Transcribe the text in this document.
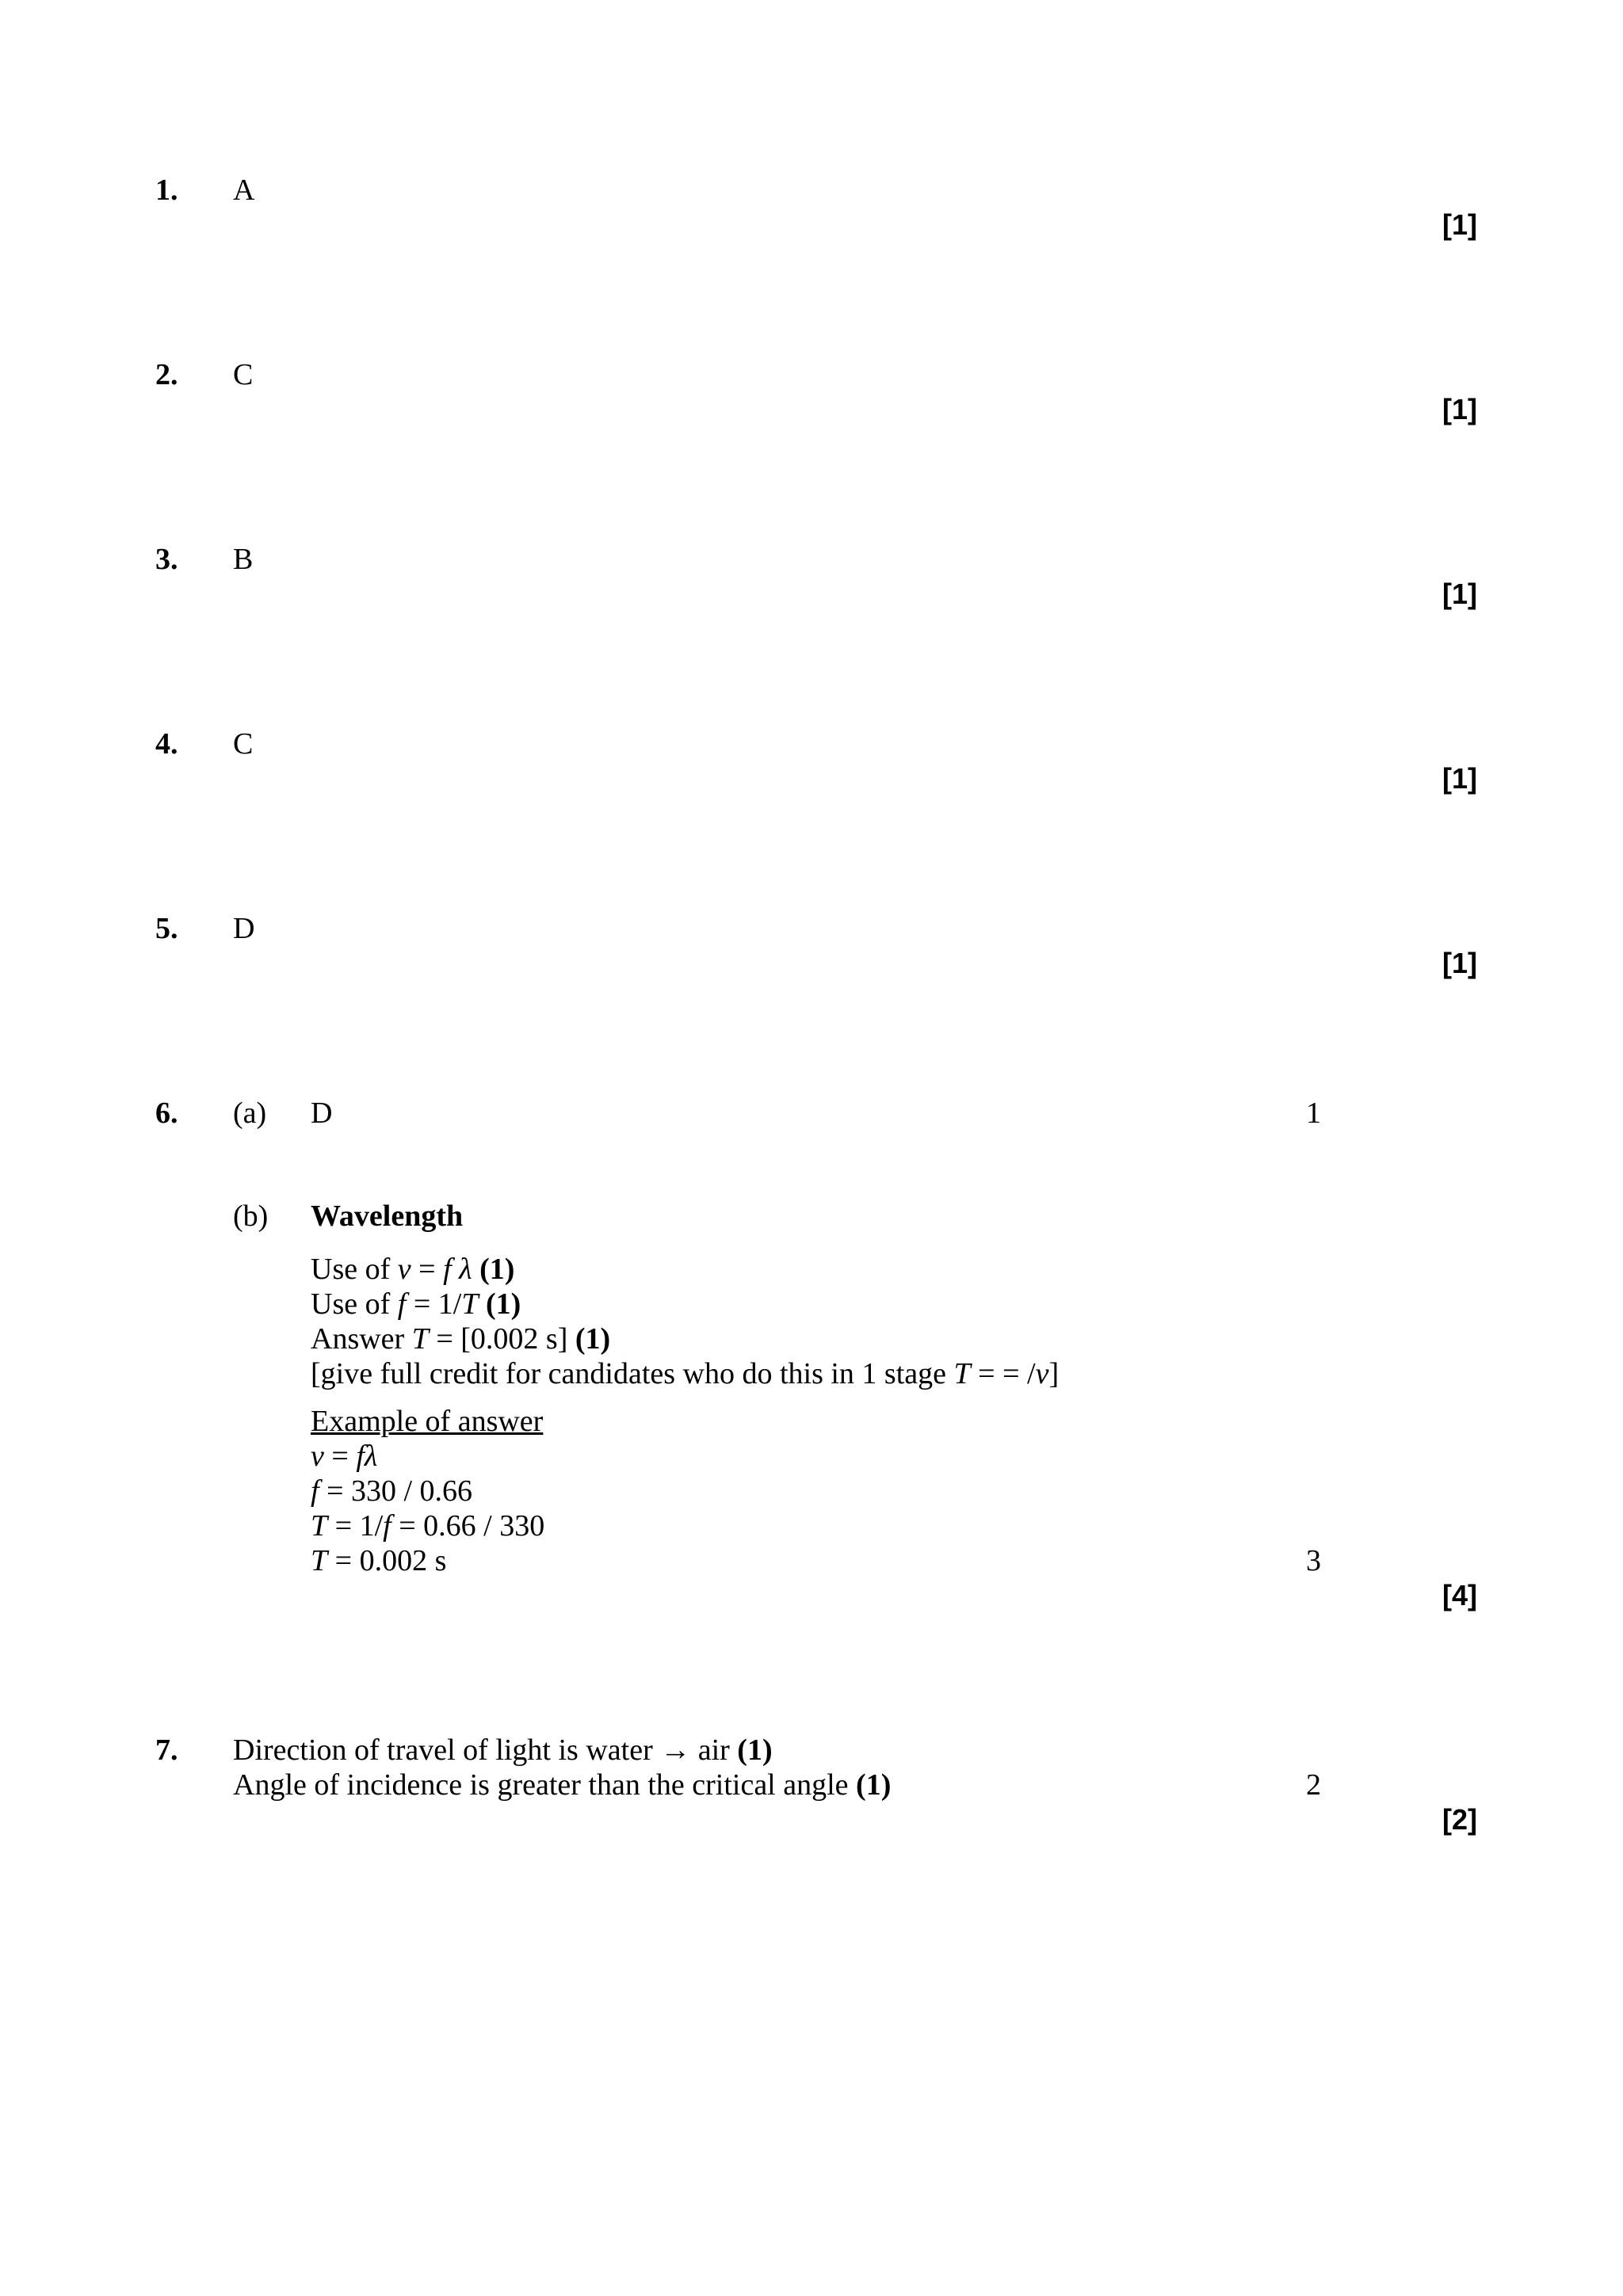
1. A
[1]
2. C
[1]
3. B
[1]
4. C
[1]
5. D
[1]
6. (a) D	1
(b) Wavelength
Use of v = f λ (1)
Use of f = 1/T (1)
Answer T = [0.002 s] (1)
[give full credit for candidates who do this in 1 stage T = = /v]
Example of answer
v = fλ
f = 330 / 0.66
T = 1/f = 0.66 / 330
T = 0.002 s	3
[4]
7. Direction of travel of light is water → air (1)
Angle of incidence is greater than the critical angle (1)	2
[2]
